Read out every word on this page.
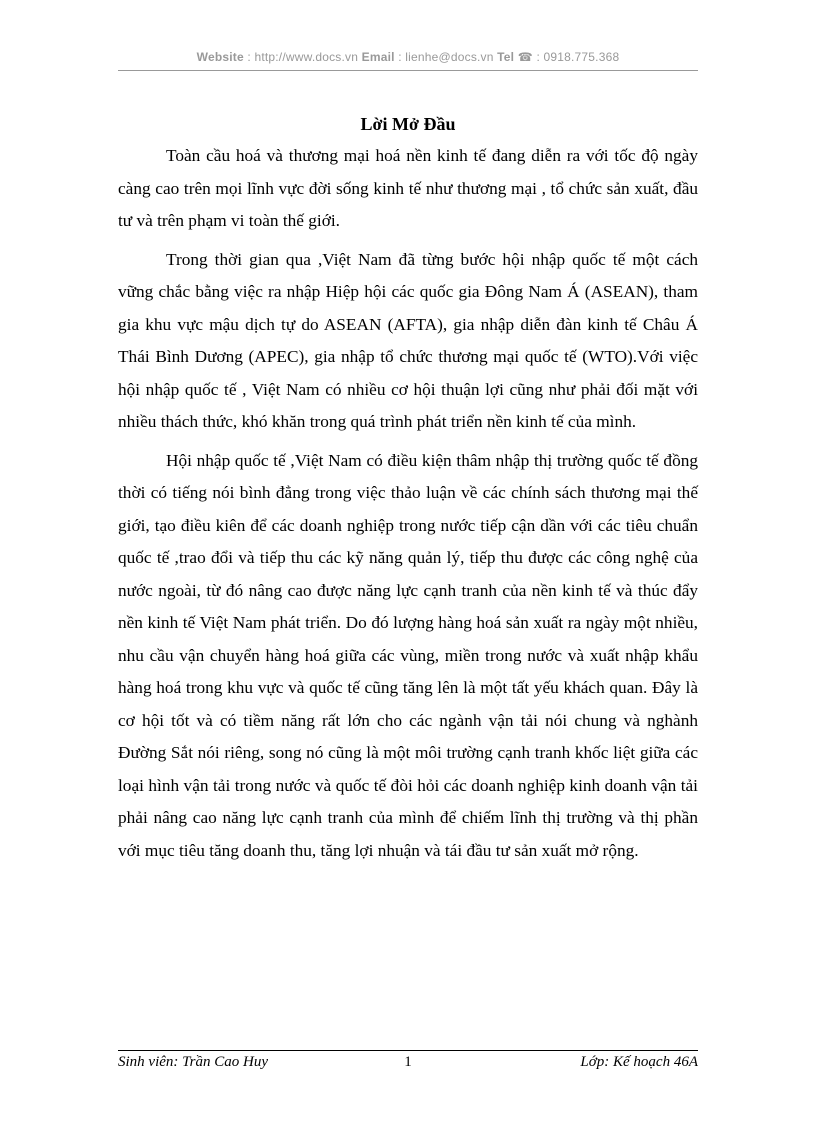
Website : http://www.docs.vn Email : lienhe@docs.vn Tel ☎ : 0918.775.368
Lời Mở Đầu

Toàn cầu hoá và thương mại hoá nền kinh tế đang diễn ra với tốc độ ngày càng cao trên mọi lĩnh vực đời sống kinh tế như thương mại , tổ chức sản xuất, đầu tư và trên phạm vi toàn thế giới.

Trong thời gian qua ,Việt Nam đã từng bước hội nhập quốc tế một cách vững chắc bằng việc ra nhập Hiệp hội các quốc gia Đông Nam Á (ASEAN), tham gia khu vực mậu dịch tự do ASEAN (AFTA), gia nhập diễn đàn kinh tế Châu Á Thái Bình Dương (APEC), gia nhập tổ chức thương mại quốc tế (WTO).Với việc hội nhập quốc tế , Việt Nam có nhiều cơ hội thuận lợi cũng như phải đối mặt với nhiều thách thức, khó khăn trong quá trình phát triển nền kinh tế của mình.

Hội nhập quốc tế ,Việt Nam có điều kiện thâm nhập thị trường quốc tế đồng thời có tiếng nói bình đẳng trong việc thảo luận về các chính sách thương mại thế giới, tạo điều kiên để các doanh nghiệp trong nước tiếp cận dần với các tiêu chuẩn quốc tế ,trao đổi và tiếp thu các kỹ năng quản lý, tiếp thu được các công nghệ của nước ngoài, từ đó nâng cao được năng lực cạnh tranh của nền kinh tế và thúc đẩy nền kinh tế Việt Nam phát triển. Do đó lượng hàng hoá sản xuất ra ngày một nhiều, nhu cầu vận chuyển hàng hoá giữa các vùng, miền trong nước và xuất nhập khẩu hàng hoá trong khu vực và quốc tế cũng tăng lên là một tất yếu khách quan. Đây là cơ hội tốt và có tiềm năng rất lớn cho các ngành vận tải nói chung và nghành Đường Sắt nói riêng, song nó cũng là một môi trường cạnh tranh khốc liệt giữa các loại hình vận tải trong nước và quốc tế đòi hỏi các doanh nghiệp kinh doanh vận tải phải nâng cao năng lực cạnh tranh của mình để chiếm lĩnh thị trường và thị phần với mục tiêu tăng doanh thu, tăng lợi nhuận và tái đầu tư sản xuất mở rộng.

Sinh viên: Trần Cao Huy	1	Lớp: Kế hoạch 46A
